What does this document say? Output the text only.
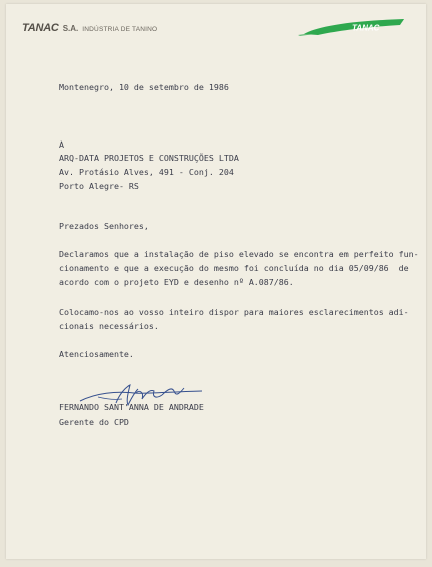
TANAC S.A. INDÚSTRIA DE TANINO	TANAC
Montenegro, 10 de setembro de 1986
À
ARQ-DATA PROJETOS E CONSTRUÇÕES LTDA
Av. Protásio Alves, 491 - Conj. 204
Porto Alegre- RS
Prezados Senhores,
Declaramos que a instalação de piso elevado se encontra em perfeito fun-
cionamento e que a execução do mesmo foi concluída no dia 05/09/86  de
acordo com o projeto EYD e desenho nº A.087/86.
Colocamo-nos ao vosso inteiro dispor para maiores esclarecimentos adi-
cionais necessários.
Atenciosamente.
FERNANDO SANT'ANNA DE ANDRADE
Gerente do CPD
